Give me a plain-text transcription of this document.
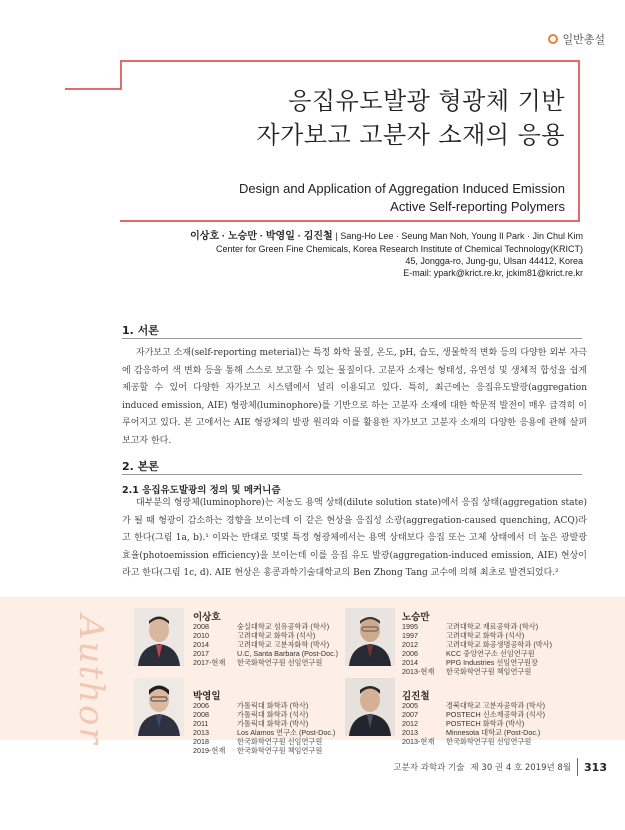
일반총설
응집유도발광 형광체 기반
자가보고 고분자 소재의 응용
Design and Application of Aggregation Induced Emission
Active Self-reporting Polymers
이상호 · 노승만 · 박영일 · 김진철 | Sang-Ho Lee · Seung Man Noh, Young Il Park · Jin Chul Kim
Center for Green Fine Chemicals, Korea Research Institute of Chemical Technology(KRICT)
45, Jongga-ro, Jung-gu, Ulsan 44412, Korea
E-mail: ypark@krict.re.kr, jckim81@krict.re.kr
1. 서론

자가보고 소재(self-reporting meterial)는 특정 화학 물질, 온도, pH, 습도, 생물학적 변화 등의 다양한 외부 자극에 감응하여 색 변화 등을 통해 스스로 보고할 수 있는 물질이다. 고분자 소재는 형태성, 유연성 및 생체적 합성을 쉽게 제공할 수 있어 다양한 자가보고 시스템에서 널리 이용되고 있다. 특히, 최근에는 응집유도발광(aggregation induced emission, AIE) 형광체(luminophore)를 기반으로 하는 고분자 소재에 대한 학문적 발전이 매우 급격히 이루어지고 있다. 본 고에서는 AIE 형광체의 발광 원리와 이를 활용한 자가보고 고분자 소재의 다양한 응용에 관해 살펴보고자 한다.

2. 본론
2.1 응집유도발광의 정의 및 메커니즘

대부분의 형광체(luminophore)는 저농도 용액 상태(dilute solution state)에서 응집 상태(aggregation state)가 될 때 형광이 감소하는 경향을 보이는데 이 같은 현상을 응집성 소광(aggregation-caused quenching, ACQ)라고 한다(그림 1a, b).¹ 이와는 반대로 몇몇 특정 형광체에서는 용액 상태보다 응집 또는 고체 상태에서 더 높은 광발광 효율(photoemission efficiency)을 보이는데 이를 응집 유도 발광(aggregation-induced emission, AIE) 현상이라고 한다(그림 1c, d). AIE 현상은 홍콩과학기술대학교의 Ben Zhong Tang 교수에 의해 최초로 발견되었다.²

Author	이상호
2008	숭실대학교 섬유공학과 (학사)
2010	고려대학교 화학과 (석사)
2014	고려대학교 고분자화학 (박사)
2017	U.C, Santa Barbara (Post-Doc.)
2017-현재	한국화학연구원 선임연구원
노승만
1995	고려대학교 재료공학과 (학사)
1997	고려대학교 화학과 (석사)
2012	고려대학교 화공생명공학과 (박사)
2006	KCC 중앙연구소 선임연구원
2014	PPG Industries 선임연구원장
2013-현재	한국화학연구원 책임연구원
박영일
2006	가톨릭대 화학과 (학사)
2008	가톨릭대 화학과 (석사)
2011	가톨릭대 화학과 (박사)
2013	Los Alamos 연구소 (Post-Doc.)
2018	한국화학연구원 선임연구원
2019-현재	한국화학연구원 책임연구원
김진철
2005	경북대학교 고분자공학과 (학사)
2007	POSTECH 신소재공학과 (석사)
2012	POSTECH 화학과 (박사)
2013	Minnesota 대학교 (Post-Doc.)
2013-현재	한국화학연구원 선임연구원
고분자 과학과 기술 제 30 권 4 호 2019년 8월 313
